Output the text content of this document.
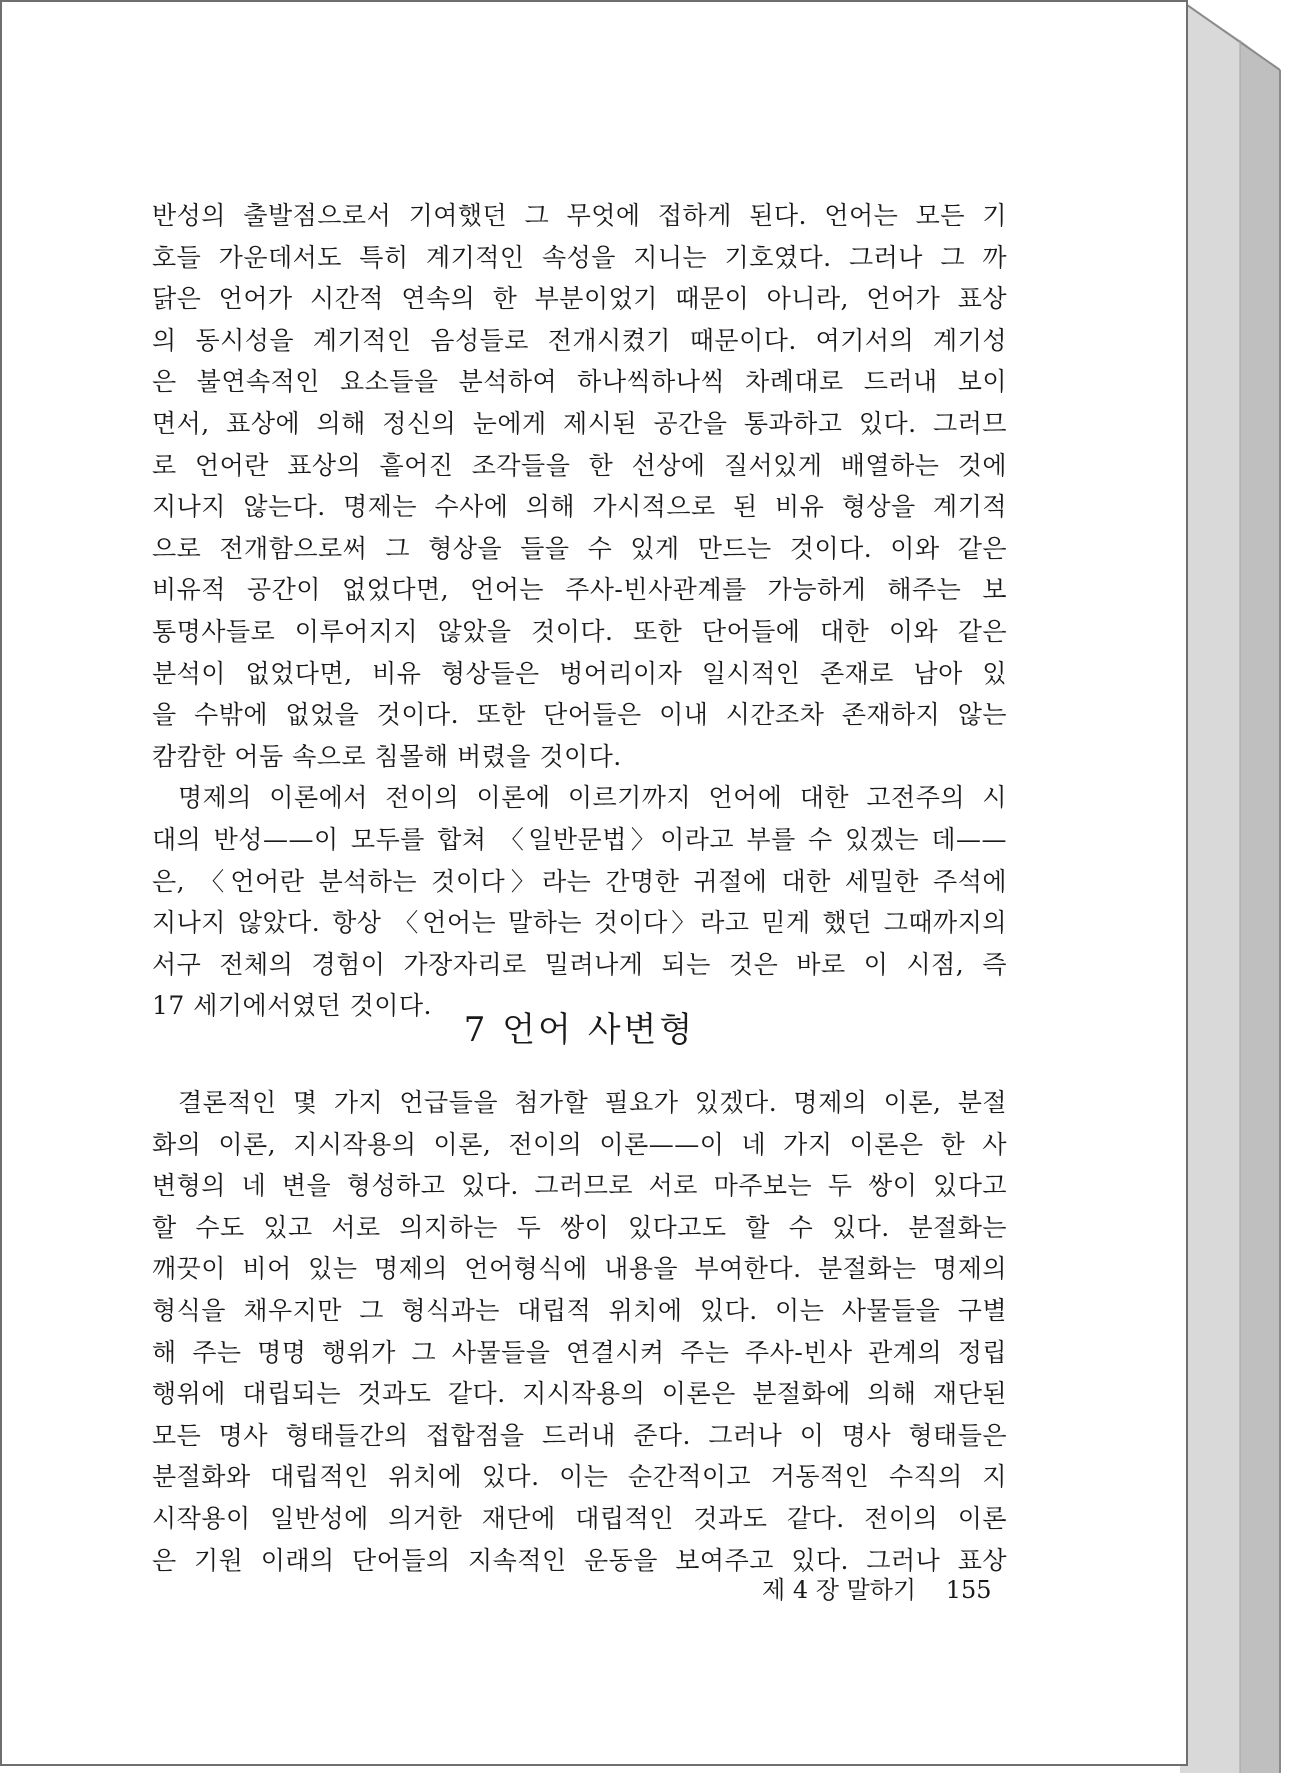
반성의 출발점으로서 기여했던 그 무엇에 접하게 된다. 언어는 모든 기
호들 가운데서도 특히 계기적인 속성을 지니는 기호였다. 그러나 그 까
닭은 언어가 시간적 연속의 한 부분이었기 때문이 아니라, 언어가 표상
의 동시성을 계기적인 음성들로 전개시켰기 때문이다. 여기서의 계기성
은 불연속적인 요소들을 분석하여 하나씩하나씩 차례대로 드러내 보이
면서, 표상에 의해 정신의 눈에게 제시된 공간을 통과하고 있다. 그러므
로 언어란 표상의 흩어진 조각들을 한 선상에 질서있게 배열하는 것에
지나지 않는다. 명제는 수사에 의해 가시적으로 된 비유 형상을 계기적
으로 전개함으로써 그 형상을 들을 수 있게 만드는 것이다. 이와 같은
비유적 공간이 없었다면, 언어는 주사-빈사관계를 가능하게 해주는 보
통명사들로 이루어지지 않았을 것이다. 또한 단어들에 대한 이와 같은
분석이 없었다면, 비유 형상들은 벙어리이자 일시적인 존재로 남아 있
을 수밖에 없었을 것이다. 또한 단어들은 이내 시간조차 존재하지 않는
캄캄한 어둠 속으로 침몰해 버렸을 것이다.

명제의 이론에서 전이의 이론에 이르기까지 언어에 대한 고전주의 시
대의 반성——이 모두를 합쳐 〈일반문법〉이라고 부를 수 있겠는 데——
은, 〈언어란 분석하는 것이다〉라는 간명한 귀절에 대한 세밀한 주석에
지나지 않았다. 항상 〈언어는 말하는 것이다〉라고 믿게 했던 그때까지의
서구 전체의 경험이 가장자리로 밀려나게 되는 것은 바로 이 시점, 즉
17 세기에서였던 것이다.

7 언어 사변형

결론적인 몇 가지 언급들을 첨가할 필요가 있겠다. 명제의 이론, 분절
화의 이론, 지시작용의 이론, 전이의 이론——이 네 가지 이론은 한 사
변형의 네 변을 형성하고 있다. 그러므로 서로 마주보는 두 쌍이 있다고
할 수도 있고 서로 의지하는 두 쌍이 있다고도 할 수 있다. 분절화는
깨끗이 비어 있는 명제의 언어형식에 내용을 부여한다. 분절화는 명제의
형식을 채우지만 그 형식과는 대립적 위치에 있다. 이는 사물들을 구별
해 주는 명명 행위가 그 사물들을 연결시켜 주는 주사-빈사 관계의 정립
행위에 대립되는 것과도 같다. 지시작용의 이론은 분절화에 의해 재단된
모든 명사 형태들간의 접합점을 드러내 준다. 그러나 이 명사 형태들은
분절화와 대립적인 위치에 있다. 이는 순간적이고 거동적인 수직의 지
시작용이 일반성에 의거한 재단에 대립적인 것과도 같다. 전이의 이론
은 기원 이래의 단어들의 지속적인 운동을 보여주고 있다. 그러나 표상

제 4 장 말하기 155
